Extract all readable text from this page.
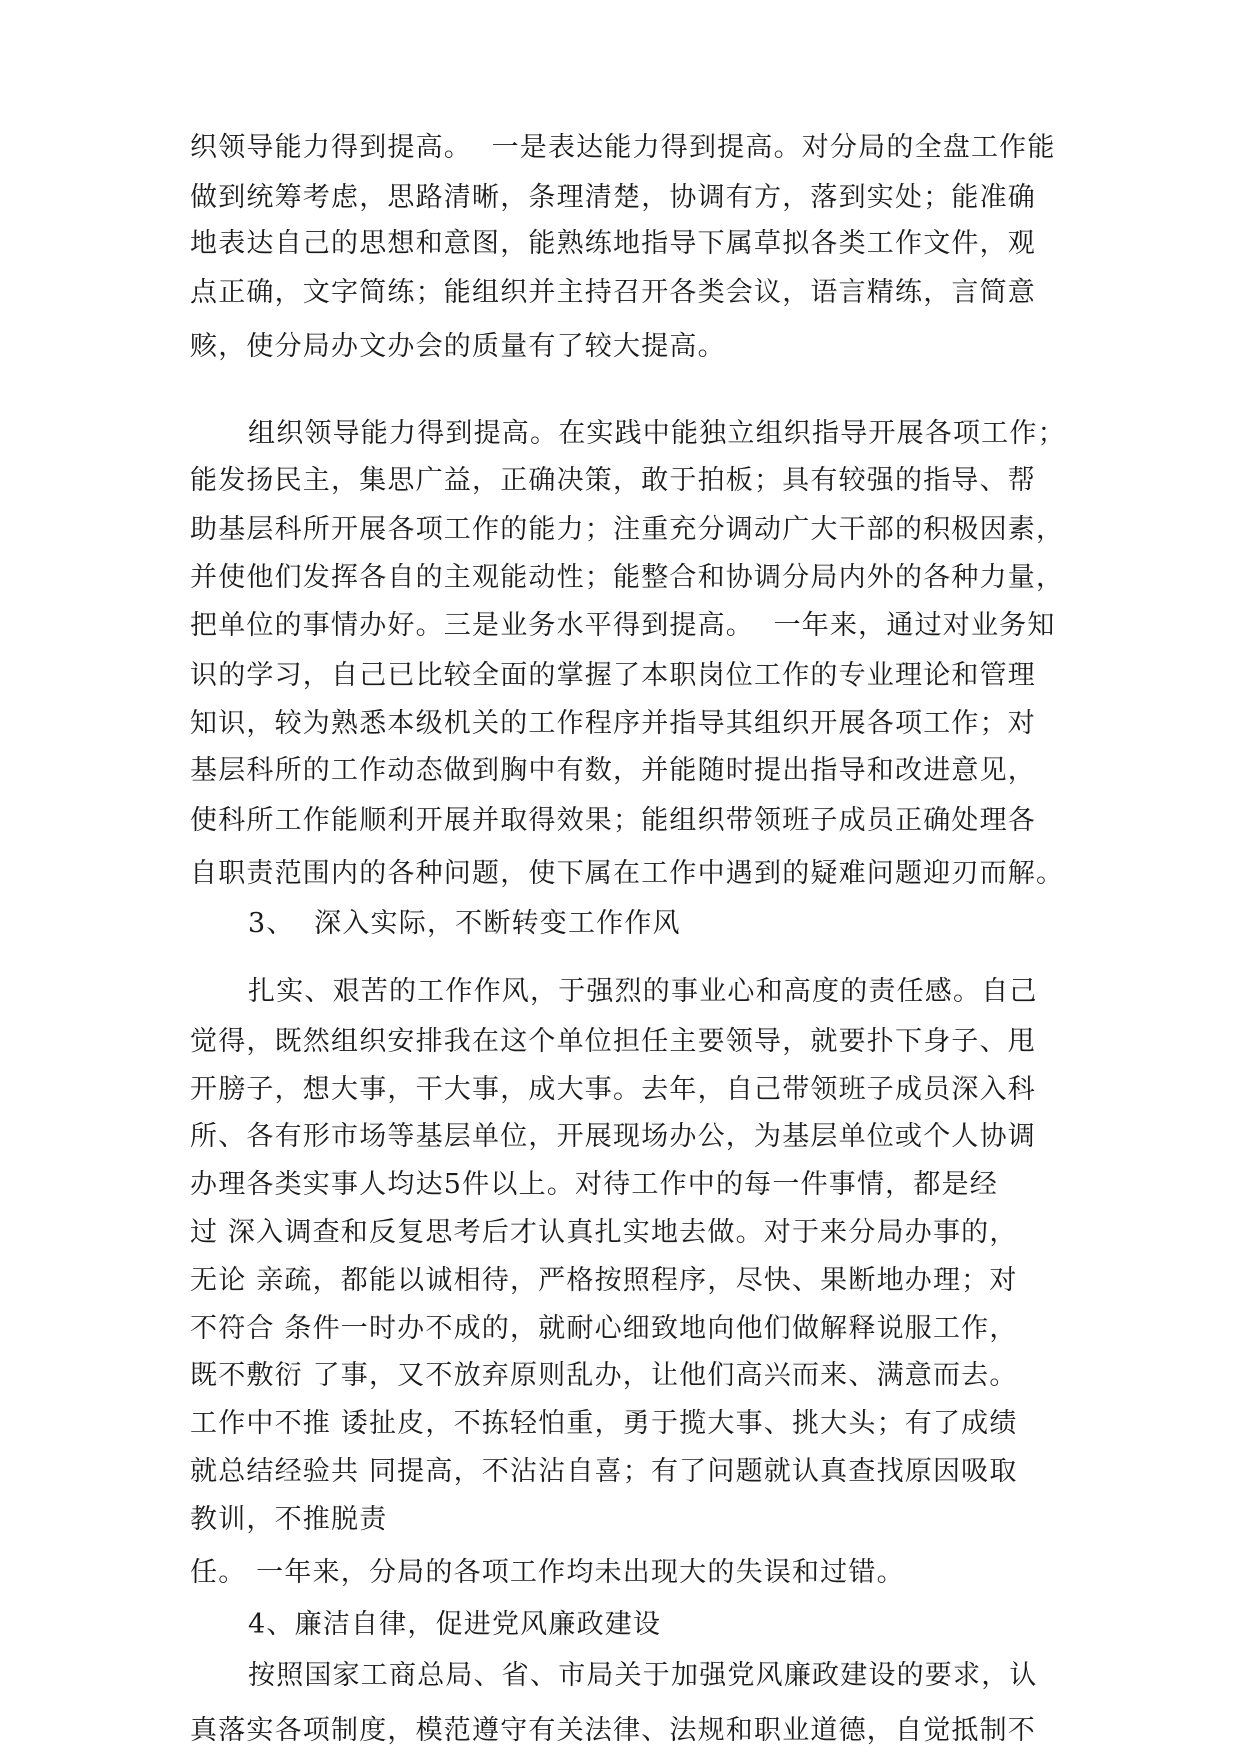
织领导能力得到提高。  一是表达能力得到提高。对分局的全盘工作能
做到统筹考虑，思路清晰，条理清楚，协调有方，落到实处；能准确
地表达自己的思想和意图，能熟练地指导下属草拟各类工作文件，观
点正确，文字简练；能组织并主持召开各类会议，语言精练，言简意
赅，使分局办文办会的质量有了较大提高。
组织领导能力得到提高。在实践中能独立组织指导开展各项工作；
能发扬民主，集思广益，正确决策，敢于拍板；具有较强的指导、帮
助基层科所开展各项工作的能力；注重充分调动广大干部的积极因素，
并使他们发挥各自的主观能动性；能整合和协调分局内外的各种力量，
把单位的事情办好。三是业务水平得到提高。  一年来，通过对业务知
识的学习，自己已比较全面的掌握了本职岗位工作的专业理论和管理
知识，较为熟悉本级机关的工作程序并指导其组织开展各项工作；对
基层科所的工作动态做到胸中有数，并能随时提出指导和改进意见，
使科所工作能顺利开展并取得效果；能组织带领班子成员正确处理各
自职责范围内的各种问题，使下属在工作中遇到的疑难问题迎刃而解。
3、  深入实际，不断转变工作作风
扎实、艰苦的工作作风，于强烈的事业心和高度的责任感。自己
觉得，既然组织安排我在这个单位担任主要领导，就要扑下身子、甩
开膀子，想大事，干大事，成大事。去年，自己带领班子成员深入科
所、各有形市场等基层单位，开展现场办公，为基层单位或个人协调
办理各类实事人均达5件以上。对待工作中的每一件事情，都是经
过 深入调查和反复思考后才认真扎实地去做。对于来分局办事的，
无论 亲疏，都能以诚相待，严格按照程序，尽快、果断地办理；对
不符合 条件一时办不成的，就耐心细致地向他们做解释说服工作，
既不敷衍 了事，又不放弃原则乱办，让他们高兴而来、满意而去。
工作中不推 诿扯皮，不拣轻怕重，勇于揽大事、挑大头；有了成绩
就总结经验共 同提高，不沾沾自喜；有了问题就认真查找原因吸取
教训，不推脱责
任。 一年来，分局的各项工作均未出现大的失误和过错。
4、廉洁自律，促进党风廉政建设
按照国家工商总局、省、市局关于加强党风廉政建设的要求，认
真落实各项制度，模范遵守有关法律、法规和职业道德，自觉抵制不
